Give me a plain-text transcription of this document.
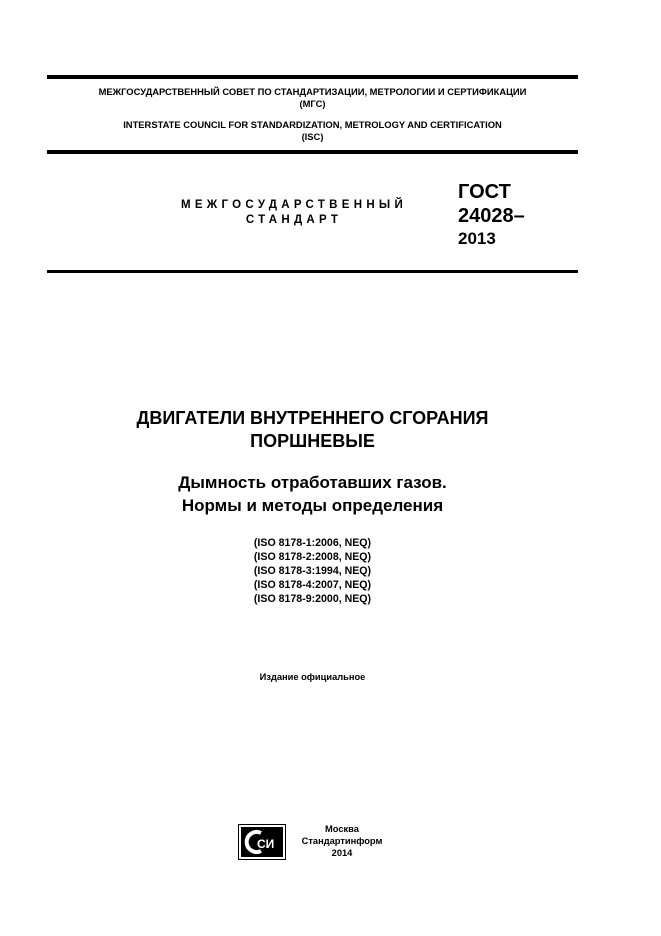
МЕЖГОСУДАРСТВЕННЫЙ СОВЕТ ПО СТАНДАРТИЗАЦИИ, МЕТРОЛОГИИ И СЕРТИФИКАЦИИ
(МГС)
INTERSTATE COUNCIL FOR STANDARDIZATION, METROLOGY AND CERTIFICATION
(ISC)
МЕЖГОСУДАРСТВЕННЫЙ
СТАНДАРТ
ГОСТ
24028–
2013
ДВИГАТЕЛИ ВНУТРЕННЕГО СГОРАНИЯ
ПОРШНЕВЫЕ
Дымность отработавших газов.
Нормы и методы определения
(ISO 8178-1:2006, NEQ)
(ISO 8178-2:2008, NEQ)
(ISO 8178-3:1994, NEQ)
(ISO 8178-4:2007, NEQ)
(ISO 8178-9:2000, NEQ)
Издание официальное
СИ
Москва
Стандартинформ
2014
